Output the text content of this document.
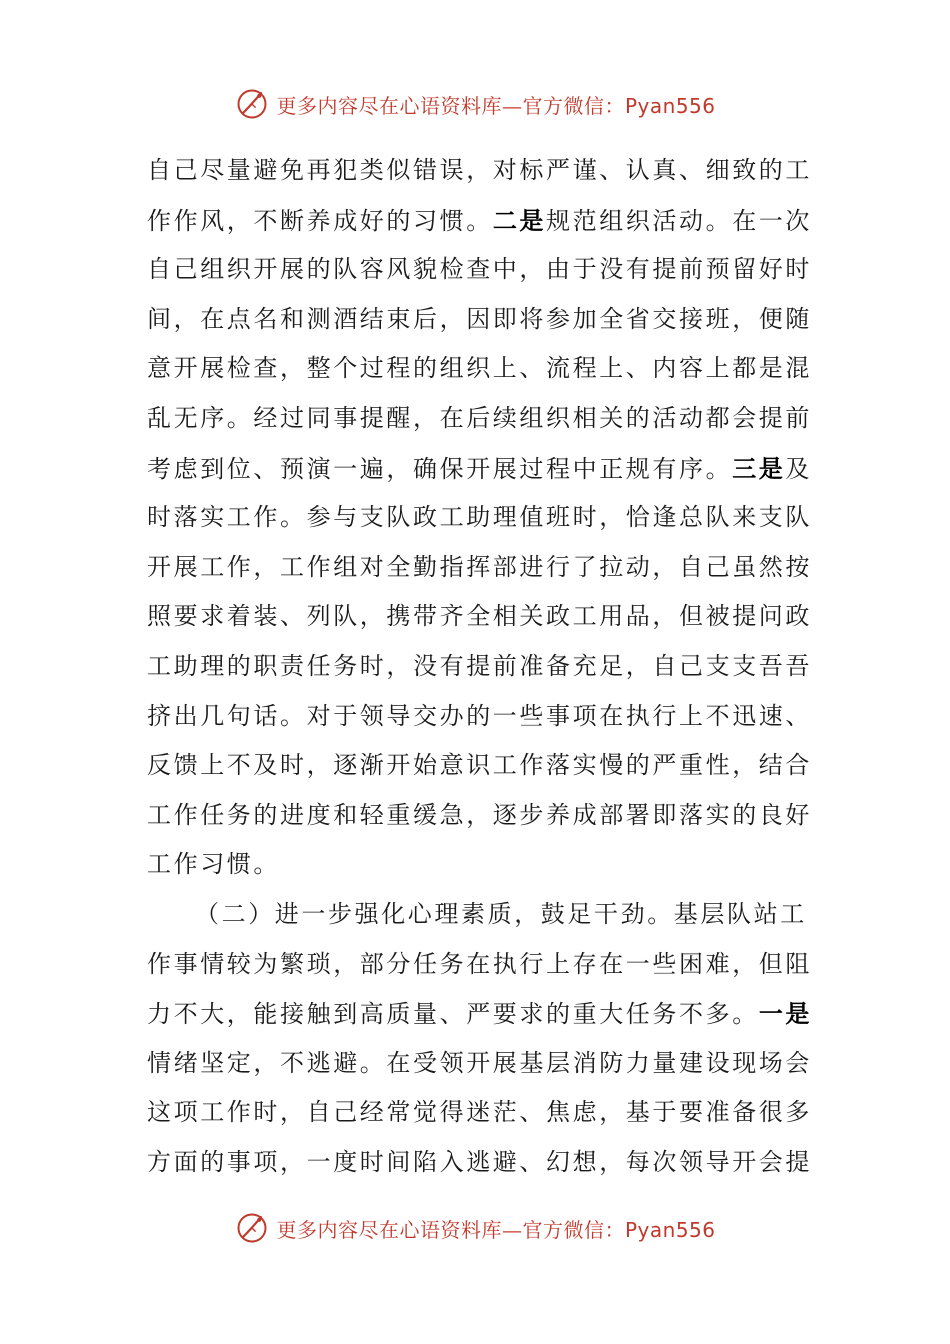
更多内容尽在心语资料库—官方微信：Pyan556
自己尽量避免再犯类似错误，对标严谨、认真、细致的工
作作风，不断养成好的习惯。二是规范组织活动。在一次
自己组织开展的队容风貌检查中，由于没有提前预留好时
间，在点名和测酒结束后，因即将参加全省交接班，便随
意开展检查，整个过程的组织上、流程上、内容上都是混
乱无序。经过同事提醒，在后续组织相关的活动都会提前
考虑到位、预演一遍，确保开展过程中正规有序。三是及
时落实工作。参与支队政工助理值班时，恰逢总队来支队
开展工作，工作组对全勤指挥部进行了拉动，自己虽然按
照要求着装、列队，携带齐全相关政工用品，但被提问政
工助理的职责任务时，没有提前准备充足，自己支支吾吾
挤出几句话。对于领导交办的一些事项在执行上不迅速、
反馈上不及时，逐渐开始意识工作落实慢的严重性，结合
工作任务的进度和轻重缓急，逐步养成部署即落实的良好
工作习惯。
（二）进一步强化心理素质，鼓足干劲。基层队站工
作事情较为繁琐，部分任务在执行上存在一些困难，但阻
力不大，能接触到高质量、严要求的重大任务不多。一是
情绪坚定，不逃避。在受领开展基层消防力量建设现场会
这项工作时，自己经常觉得迷茫、焦虑，基于要准备很多
方面的事项，一度时间陷入逃避、幻想，每次领导开会提
更多内容尽在心语资料库—官方微信：Pyan556
